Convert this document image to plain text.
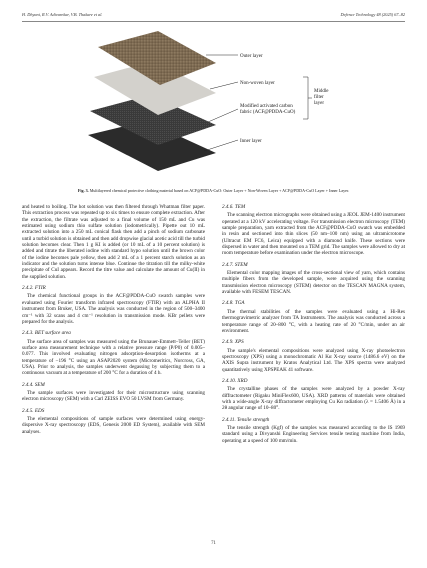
H. Dhyani, R.V. Adivarekar, V.B. Thakare et al.	Defence Technology 48 (2025) 67–82
Outer layer
Non-woven layer
Modified activated carbon
fabric (ACF@PDDA-CuO)
Inner layer
Middle
filter
layer
Fig. 3. Multilayered chemical protective clothing material based on ACF@PDDA-CuO: Outer Layer + Non-Woven Layer + ACF@PDDA-CuO Layer + Inner Layer.

and heated to boiling. The hot solution was then filtered through Whatman filter paper. This extraction process was repeated up to six times to ensure complete extraction. After the extraction, the filtrate was adjusted to a final volume of 150 mL and Cu was estimated using sodium thio sulfate solution (iodometrically). Pipette out 10 mL extracted solution into a 250 mL conical flask then add a pinch of sodium carbonate until a turbid solution is obtained and then add dropwise glacial acetic acid till the turbid solution becomes clear. Then 1 g KI is added (or 10 mL of a 10 percent solution) is added and titrate the liberated iodine with standard hypo solution until the brown color of the iodine becomes pale yellow, then add 2 mL of a 1 percent starch solution as an indicator and the solution turns intense blue. Continue the titration till the milky-white precipitate of CuI appears. Record the titre value and calculate the amount of Cu(II) in the supplied solution.

2.4.2. FTIR

The chemical functional groups in the ACF@PDDA-CuO swatch samples were evaluated using Fourier transform infrared spectroscopy (FTIR) with an ALPHA II instrument from Bruker, USA. The analysis was conducted in the region of 500–3400 cm⁻¹ with 32 scans and 4 cm⁻¹ resolution in transmission mode. KBr pellets were prepared for the analysis.

2.4.3. BET surface area

The surface area of samples was measured using the Brunauer-Emmett–Teller (BET) surface area measurement technique with a relative pressure range (P/P0) of 0.005–0.077. This involved evaluating nitrogen adsorption-desorption isotherms at a temperature of −196 °C using an ASAP2020 system (Micromeritics, Norcross, GA, USA). Prior to analysis, the samples underwent degassing by subjecting them to a continuous vacuum at a temperature of 200 °C for a duration of 4 h.

2.4.4. SEM

The sample surfaces were investigated for their microstructure using scanning electron microscopy (SEM) with a Carl ZEISS EVO 50 LVSM from Germany.

2.4.5. EDS

The elemental compositions of sample surfaces were determined using energy-dispersive X-ray spectroscopy (EDS, Genesis 2000 ED System), available with SEM analyses.

2.4.6. TEM

The scanning electron micrographs were obtained using a JEOL JEM-1400 instrument operated at a 120 kV accelerating voltage. For transmission electron microscopy (TEM) sample preparation, yarn extracted from the ACF@PDDA-CuO swatch was embedded in resin and sectioned into thin slices (50 nm–100 nm) using an ultramicrotome (Ultracut EM FC6, Leica) equipped with a diamond knife. These sections were dispersed in water and then mounted on a TEM grid. The samples were allowed to dry at room temperature before examination under the electron microscope.

2.4.7. STEM

Elemental color mapping images of the cross-sectional view of yarn, which contains multiple fibers from the developed sample, were acquired using the scanning transmission electron microscopy (STEM) detector on the TESCAN MAGNA system, available with FESEM TESCAN.

2.4.8. TGA

The thermal stabilities of the samples were evaluated using a Hi-Res thermogravimetric analyzer from TA Instruments. The analysis was conducted across a temperature range of 20–800 °C, with a heating rate of 20 °C/min, under an air environment.

2.4.9. XPS

The sample's elemental compositions were analyzed using X-ray photoelectron spectroscopy (XPS) using a monochromatic Al Kα X-ray source (1486.6 eV) on the AXIS Supra instrument by Kratos Analytical Ltd. The XPS spectra were analyzed quantitatively using XPSPEAK 41 software.

2.4.10. XRD

The crystalline phases of the samples were analyzed by a powder X-ray diffractometer (Rigaku MiniFlex600, USA). XRD patterns of materials were obtained with a wide-angle X-ray diffractometer employing Cu Kα radiation (λ = 1.5406 Å) in a 2θ angular range of 10–80°.

2.4.11. Tensile strength

The tensile strength (Kgf) of the samples was measured according to the IS 1969 standard using a Divyanshi Engineering Services tensile testing machine from India, operating at a speed of 100 mm/min.

71
